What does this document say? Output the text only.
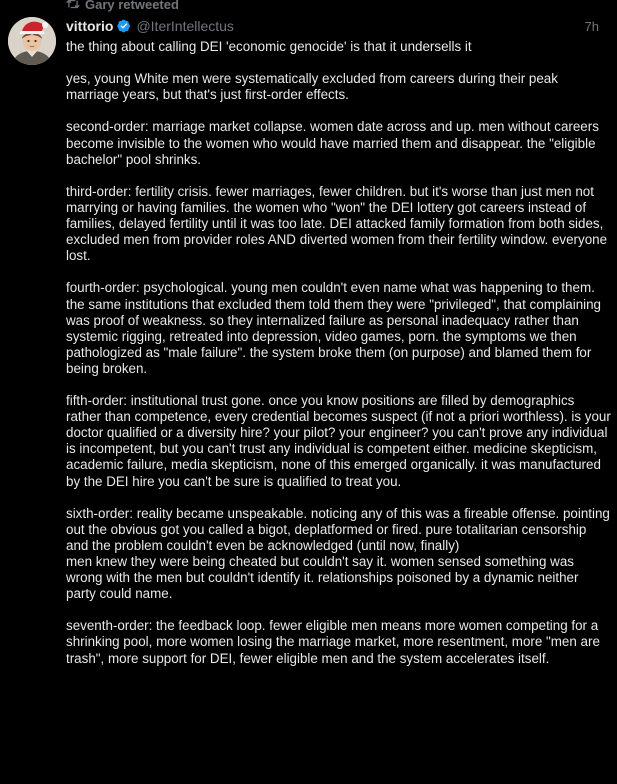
Gary retweeted
vittorio @IterIntellectus	7h
the thing about calling DEI 'economic genocide' is that it undersells it

yes, young White men were systematically excluded from careers during their peak marriage years, but that's just first-order effects.

second-order: marriage market collapse. women date across and up. men without careers become invisible to the women who would have married them and disappear. the "eligible bachelor" pool shrinks.

third-order: fertility crisis. fewer marriages, fewer children. but it's worse than just men not marrying or having families. the women who "won" the DEI lottery got careers instead of families, delayed fertility until it was too late. DEI attacked family formation from both sides, excluded men from provider roles AND diverted women from their fertility window. everyone lost.

fourth-order: psychological. young men couldn't even name what was happening to them. the same institutions that excluded them told them they were "privileged", that complaining was proof of weakness. so they internalized failure as personal inadequacy rather than systemic rigging, retreated into depression, video games, porn. the symptoms we then pathologized as "male failure". the system broke them (on purpose) and blamed them for being broken.

fifth-order: institutional trust gone. once you know positions are filled by demographics rather than competence, every credential becomes suspect (if not a priori worthless). is your doctor qualified or a diversity hire? your pilot? your engineer? you can't prove any individual is incompetent, but you can't trust any individual is competent either. medicine skepticism, academic failure, media skepticism, none of this emerged organically. it was manufactured by the DEI hire you can't be sure is qualified to treat you.

sixth-order: reality became unspeakable. noticing any of this was a fireable offense. pointing out the obvious got you called a bigot, deplatformed or fired. pure totalitarian censorship and the problem couldn't even be acknowledged (until now, finally)
men knew they were being cheated but couldn't say it. women sensed something was wrong with the men but couldn't identify it. relationships poisoned by a dynamic neither party could name.

seventh-order: the feedback loop. fewer eligible men means more women competing for a shrinking pool, more women losing the marriage market, more resentment, more "men are trash", more support for DEI, fewer eligible men and the system accelerates itself.
